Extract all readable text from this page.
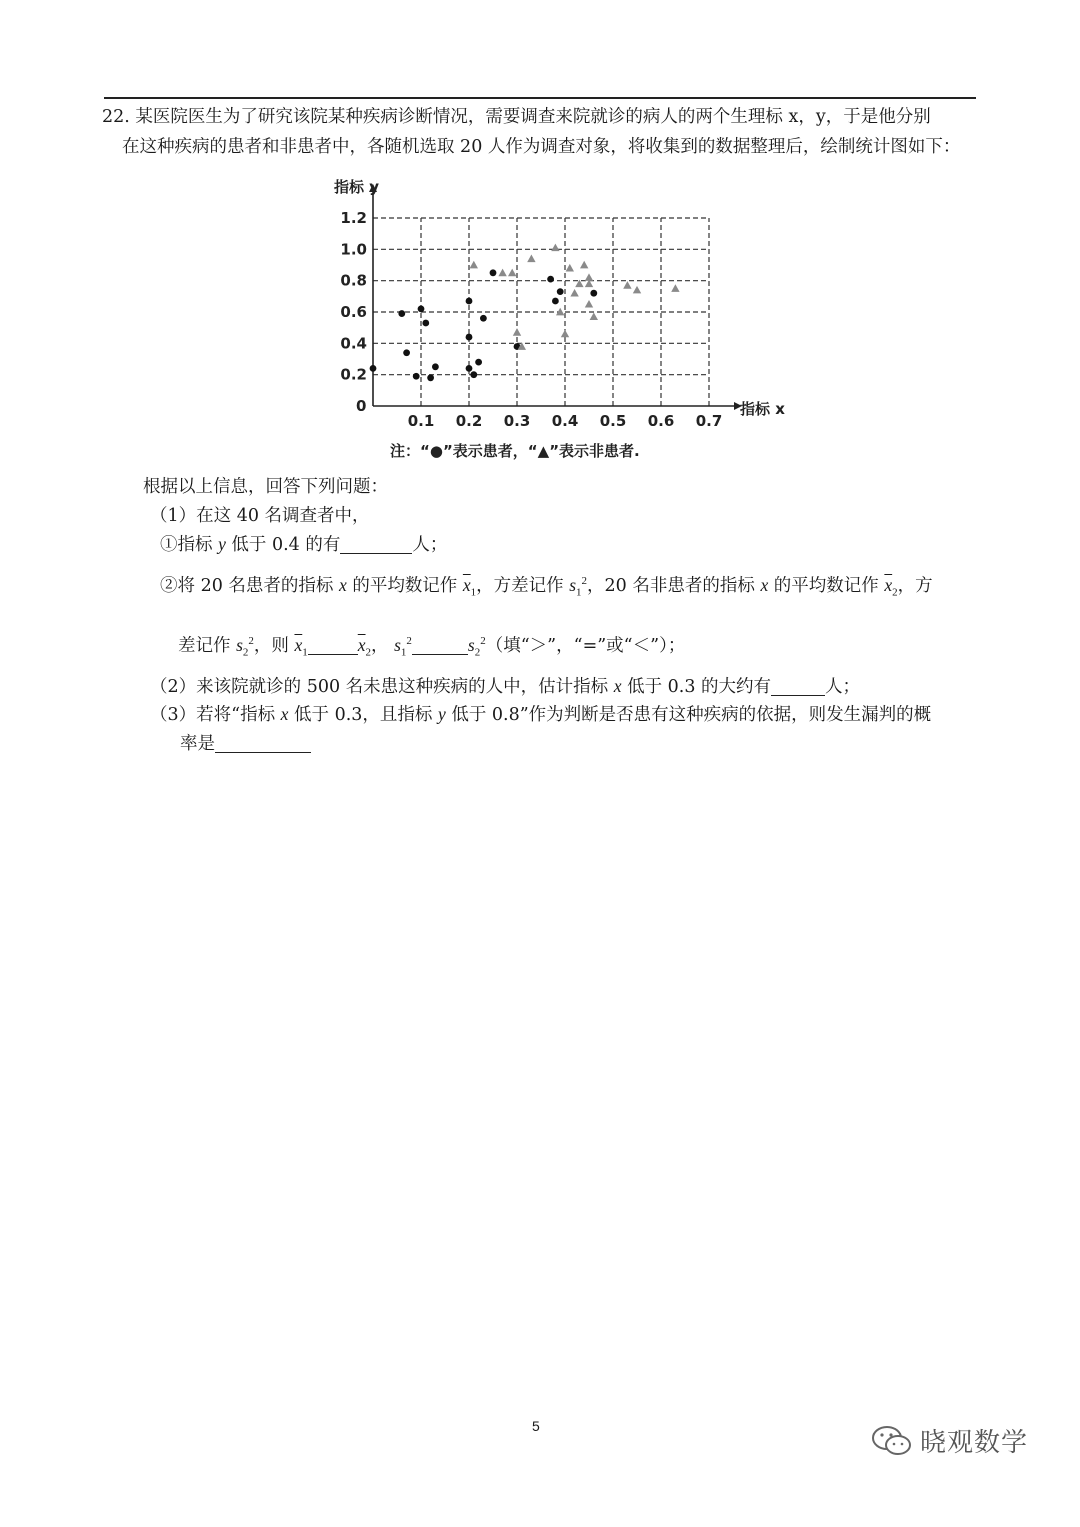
22. 某医院医生为了研究该院某种疾病诊断情况，需要调查来院就诊的病人的两个生理标 x，y，于是他分别
在这种疾病的患者和非患者中，各随机选取 20 人作为调查对象，将收集到的数据整理后，绘制统计图如下：
指标 y
指标 x
0
0.1 0.2 0.3 0.4 0.5 0.6 0.7
0.2
0.4
0.6
0.8
1.0
1.2
注：“●”表示患者，“▲”表示非患者.
根据以上信息，回答下列问题：
（1）在这 40 名调查者中，
①指标 y 低于 0.4 的有	人；
②将 20 名患者的指标 x 的平均数记作 $\overline{x}_1$，方差记作 $s_1^2$，20 名非患者的指标 x 的平均数记作 $\overline{x}_2$，方
差记作 $s_2^2$，则 $\overline{x}_1$	$\overline{x}_2$， $s_1^2$	$s_2^2$（填“＞”，“=”或“＜”）；
（2）来该院就诊的 500 名未患这种疾病的人中，估计指标 x 低于 0.3 的大约有	人；
（3）若将“指标 x 低于 0.3，且指标 y 低于 0.8”作为判断是否患有这种疾病的依据，则发生漏判的概
率是
5
晓观数学
